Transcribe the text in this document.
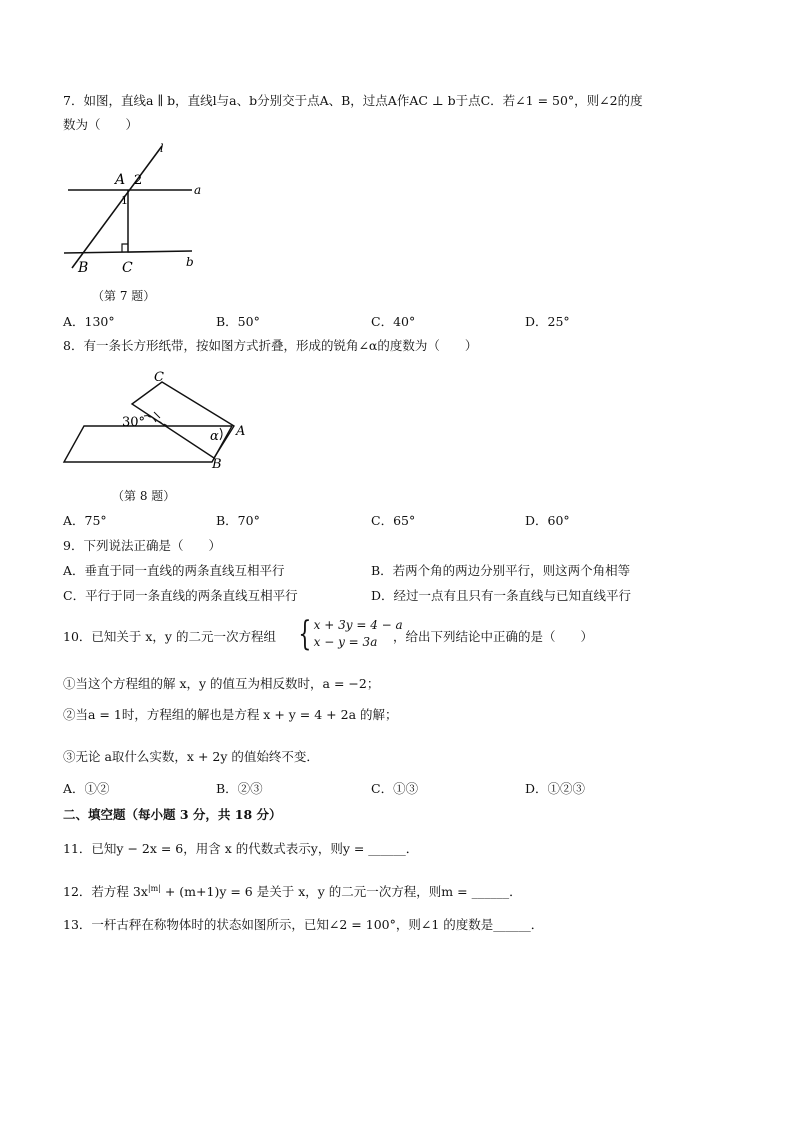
7．如图，直线a ∥ b，直线l与a、b分别交于点A、B，过点A作AC ⊥ b于点C．若∠1 = 50°，则∠2的度
数为（　　）
l
A 2
a
1
B C	b
（第 7 题）
A．130°	B．50°	C．40°	D．25°
8．有一条长方形纸带，按如图方式折叠，形成的锐角∠α的度数为（　　）
C
30°
α A
B
（第 8 题）
A．75°	B．70°	C．65°	D．60°
9．下列说法正确是（　　）
A．垂直于同一直线的两条直线互相平行	B．若两个角的两边分别平行，则这两个角相等
C．平行于同一条直线的两条直线互相平行	D．经过一点有且只有一条直线与已知直线平行
10．已知关于 x，y 的二元一次方程组 { x + 3y = 4 − a
x − y = 3a	，给出下列结论中正确的是（　　）
①当这个方程组的解 x，y 的值互为相反数时，a = −2；
②当a = 1时，方程组的解也是方程 x + y = 4 + 2a 的解；
③无论 a取什么实数，x + 2y 的值始终不变．
A．①②	B．②③	C．①③	D．①②③
二、填空题（每小题 3 分，共 18 分）
11．已知y − 2x = 6，用含 x 的代数式表示y，则y = ______．
12．若方程 $3x^{|m|} + (m+1)y = 6$ 是关于 x，y 的二元一次方程，则m = ______．
13．一杆古秤在称物体时的状态如图所示，已知∠2 = 100°，则∠1 的度数是______．
